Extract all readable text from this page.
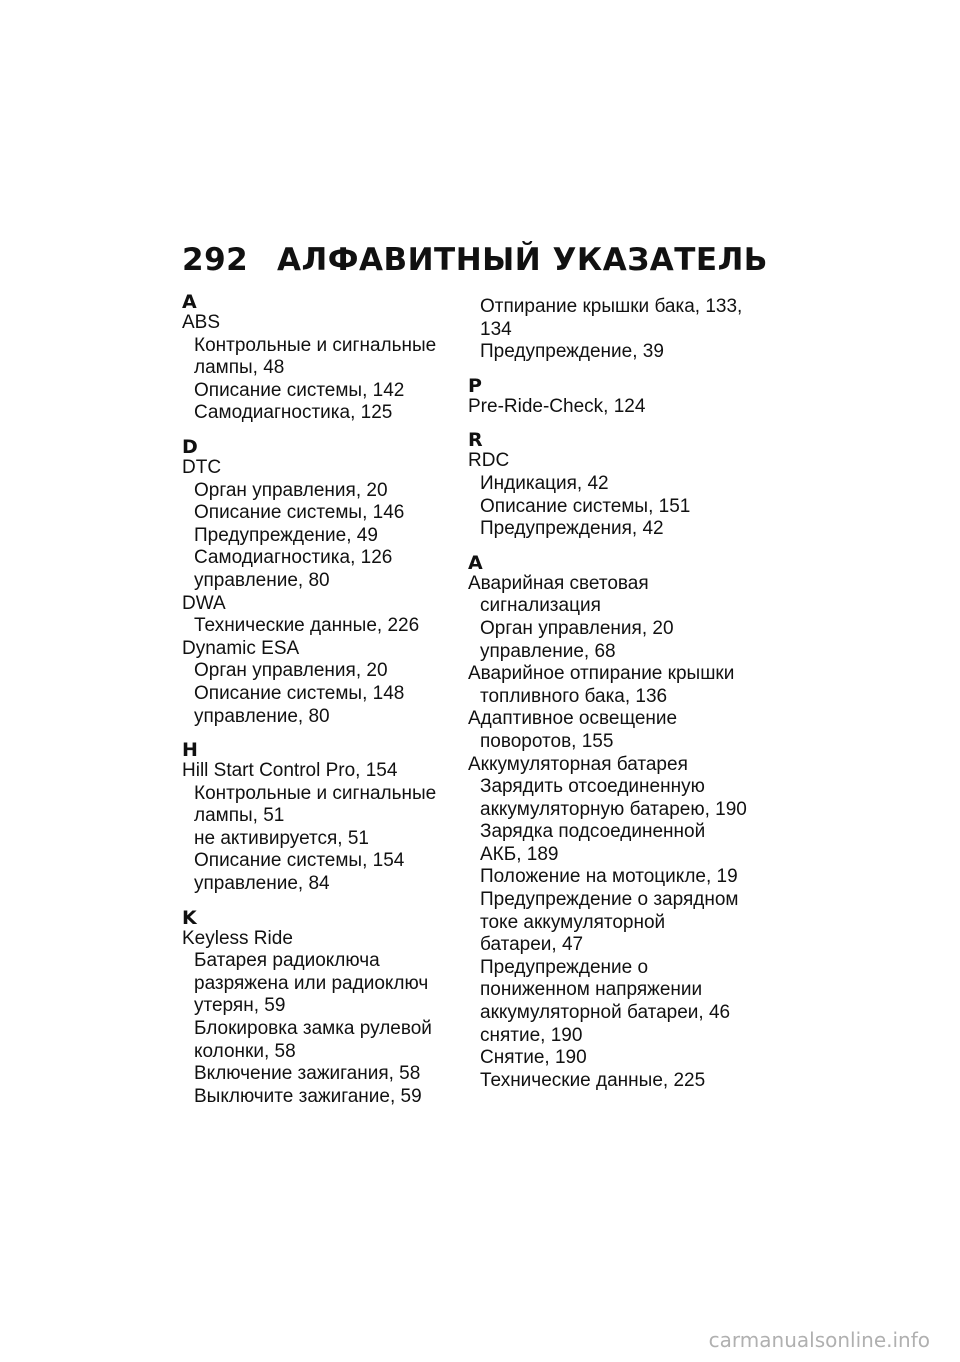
292 АЛФАВИТНЫЙ УКАЗАТЕЛЬ
A
ABS
Контрольные и сигнальные
лампы, 48
Описание системы, 142
Самодиагностика, 125
D
DTC
Орган управления, 20
Описание системы, 146
Предупреждение, 49
Самодиагностика, 126
управление, 80
DWA
Технические данные, 226
Dynamic ESA
Орган управления, 20
Описание системы, 148
управление, 80
H
Hill Start Control Pro, 154
Контрольные и сигнальные
лампы, 51
не активируется, 51
Описание системы, 154
управление, 84
K
Keyless Ride
Батарея радиоключа
разряжена или радиоключ
утерян, 59
Блокировка замка рулевой
колонки, 58
Включение зажигания, 58
Выключите зажигание, 59
Отпирание крышки бака, 133,
134
Предупреждение, 39
P
Pre-Ride-Check, 124
R
RDC
Индикация, 42
Описание системы, 151
Предупреждения, 42
А
Аварийная световая
сигнализация
Орган управления, 20
управление, 68
Аварийное отпирание крышки
топливного бака, 136
Адаптивное освещение
поворотов, 155
Аккумуляторная батарея
Зарядить отсоединенную
аккумуляторную батарею, 190
Зарядка подсоединенной
АКБ, 189
Положение на мотоцикле, 19
Предупреждение о зарядном
токе аккумуляторной
батареи, 47
Предупреждение о
пониженном напряжении
аккумуляторной батареи, 46
снятие, 190
Снятие, 190
Технические данные, 225
carmanualsonline.info
